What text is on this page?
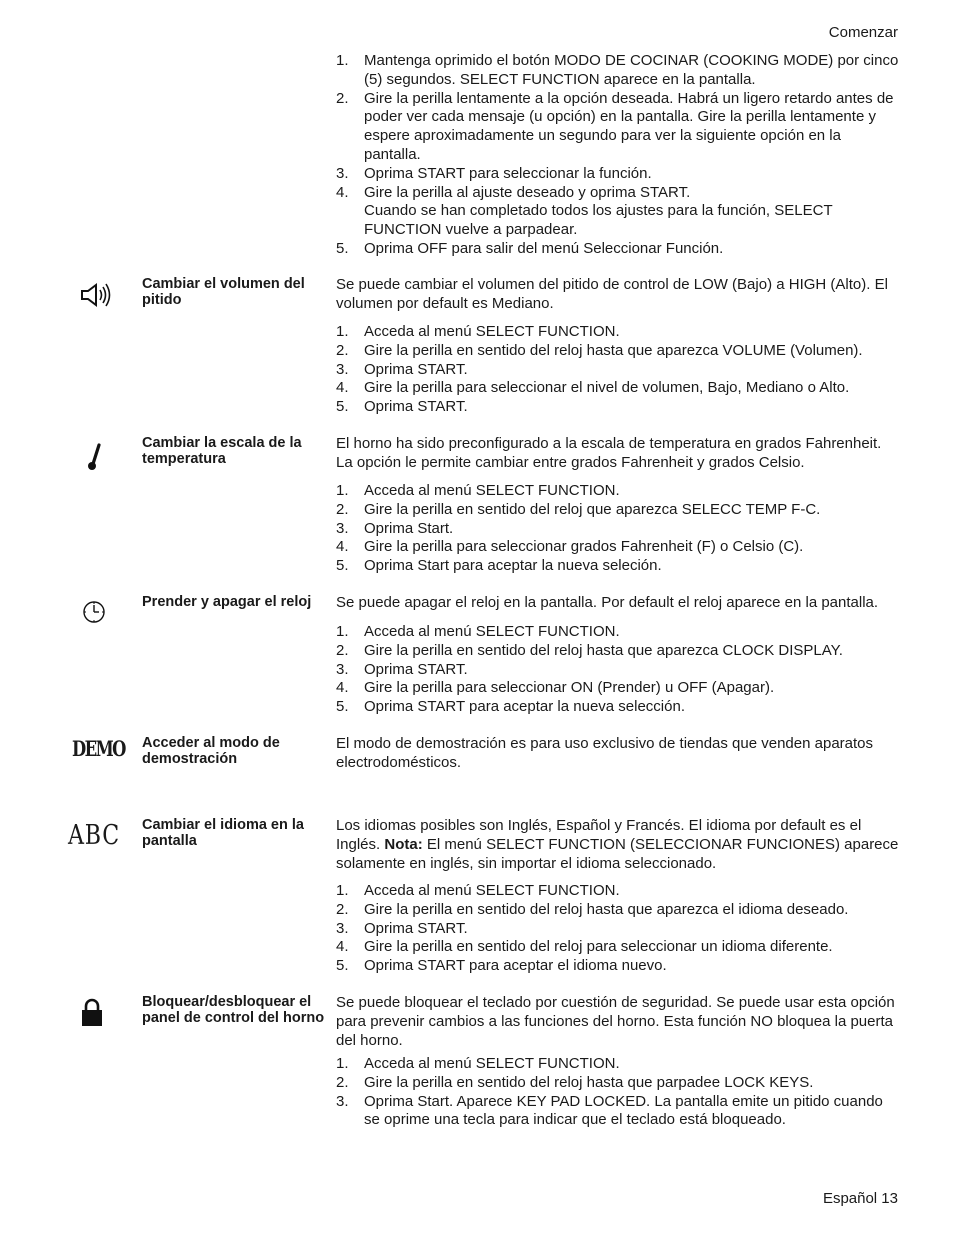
Comenzar
1. Mantenga oprimido el botón MODO DE COCINAR (COOKING MODE) por cinco (5) segundos. SELECT FUNCTION aparece en la pantalla.
2. Gire la perilla lentamente a la opción deseada. Habrá un ligero retardo antes de poder ver cada mensaje (u opción) en la pantalla. Gire la perilla lentamente y espere aproximadamente un segundo para ver la siguiente opción en la pantalla.
3. Oprima START para seleccionar la función.
4. Gire la perilla al ajuste deseado y oprima START.
Cuando se han completado todos los ajustes para la función, SELECT FUNCTION vuelve a parpadear.
5. Oprima OFF para salir del menú Seleccionar Función.
Cambiar el volumen del pitido

Se puede cambiar el volumen del pitido de control de LOW (Bajo) a HIGH (Alto). El volumen por default es Mediano.

1. Acceda al menú SELECT FUNCTION.
2. Gire la perilla en sentido del reloj hasta que aparezca VOLUME (Volumen).
3. Oprima START.
4. Gire la perilla para seleccionar el nivel de volumen, Bajo, Mediano o Alto.
5. Oprima START.
Cambiar la escala de la temperatura

El horno ha sido preconfigurado a la escala de temperatura en grados Fahrenheit. La opción le permite cambiar entre grados Fahrenheit y grados Celsio.

1. Acceda al menú SELECT FUNCTION.
2. Gire la perilla en sentido del reloj que aparezca SELECC TEMP F-C.
3. Oprima Start.
4. Gire la perilla para seleccionar grados Fahrenheit (F) o Celsio (C).
5. Oprima Start para aceptar la nueva seleción.
Prender y apagar el reloj	Se puede apagar el reloj en la pantalla. Por default el reloj aparece en la pantalla.

1. Acceda al menú SELECT FUNCTION.
2. Gire la perilla en sentido del reloj hasta que aparezca CLOCK DISPLAY.
3. Oprima START.
4. Gire la perilla para seleccionar ON (Prender) u OFF (Apagar).
5. Oprima START para aceptar la nueva selección.
DEMO Acceder al modo de demostración

El modo de demostración es para uso exclusivo de tiendas que venden aparatos electrodomésticos.

ABC Cambiar el idioma en la pantalla

Los idiomas posibles son Inglés, Español y Francés. El idioma por default es el Inglés. Nota: El menú SELECT FUNCTION (SELECCIONAR FUNCIONES) aparece solamente en inglés, sin importar el idioma seleccionado.

1. Acceda al menú SELECT FUNCTION.
2. Gire la perilla en sentido del reloj hasta que aparezca el idioma deseado.
3. Oprima START.
4. Gire la perilla en sentido del reloj para seleccionar un idioma diferente.
5. Oprima START para aceptar el idioma nuevo.
Bloquear/desbloquear el panel de control del horno

Se puede bloquear el teclado por cuestión de seguridad. Se puede usar esta opción para prevenir cambios a las funciones del horno. Esta función NO bloquea la puerta del horno.

1. Acceda al menú SELECT FUNCTION.
2. Gire la perilla en sentido del reloj hasta que parpadee LOCK KEYS.
3. Oprima Start. Aparece KEY PAD LOCKED. La pantalla emite un pitido cuando se oprime una tecla para indicar que el teclado está bloqueado.
Español 13
